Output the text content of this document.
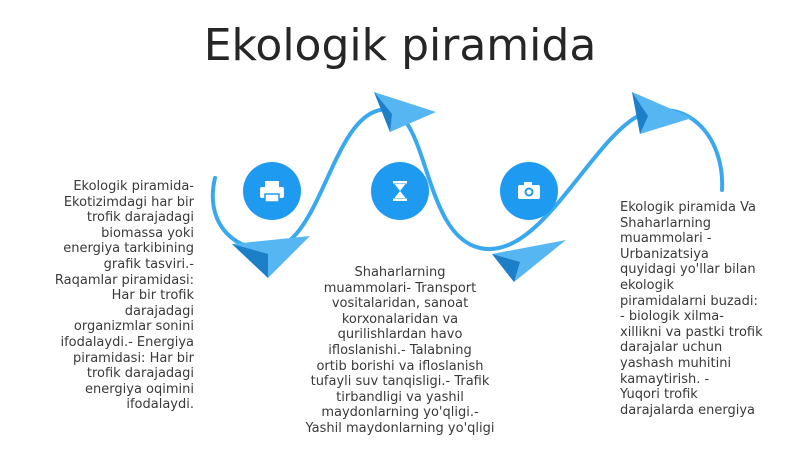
Ekologik piramida

Ekologik piramida-
Ekotizimdagi har bir
trofik darajadagi
biomassa yoki
energiya tarkibining
grafik tasviri.-
Raqamlar piramidasi:
Har bir trofik
darajadagi
organizmlar sonini
ifodalaydi.- Energiya
piramidasi: Har bir
trofik darajadagi
energiya oqimini
ifodalaydi.

Shaharlarning
muammolari- Transport
vositalaridan, sanoat
korxonalaridan va
qurilishlardan havo
ifloslanishi.- Talabning
ortib borishi va ifloslanish
tufayli suv tanqisligi.- Trafik
tirbandligi va yashil
maydonlarning yo'qligi.-
Yashil maydonlarning yo'qligi

Ekologik piramida Va
Shaharlarning
muammolari -
Urbanizatsiya
quyidagi yo'llar bilan
ekologik
piramidalarni buzadi:
- biologik xilma-
xillikni va pastki trofik
darajalar uchun
yashash muhitini
kamaytirish. -
Yuqori trofik
darajalarda energiya
